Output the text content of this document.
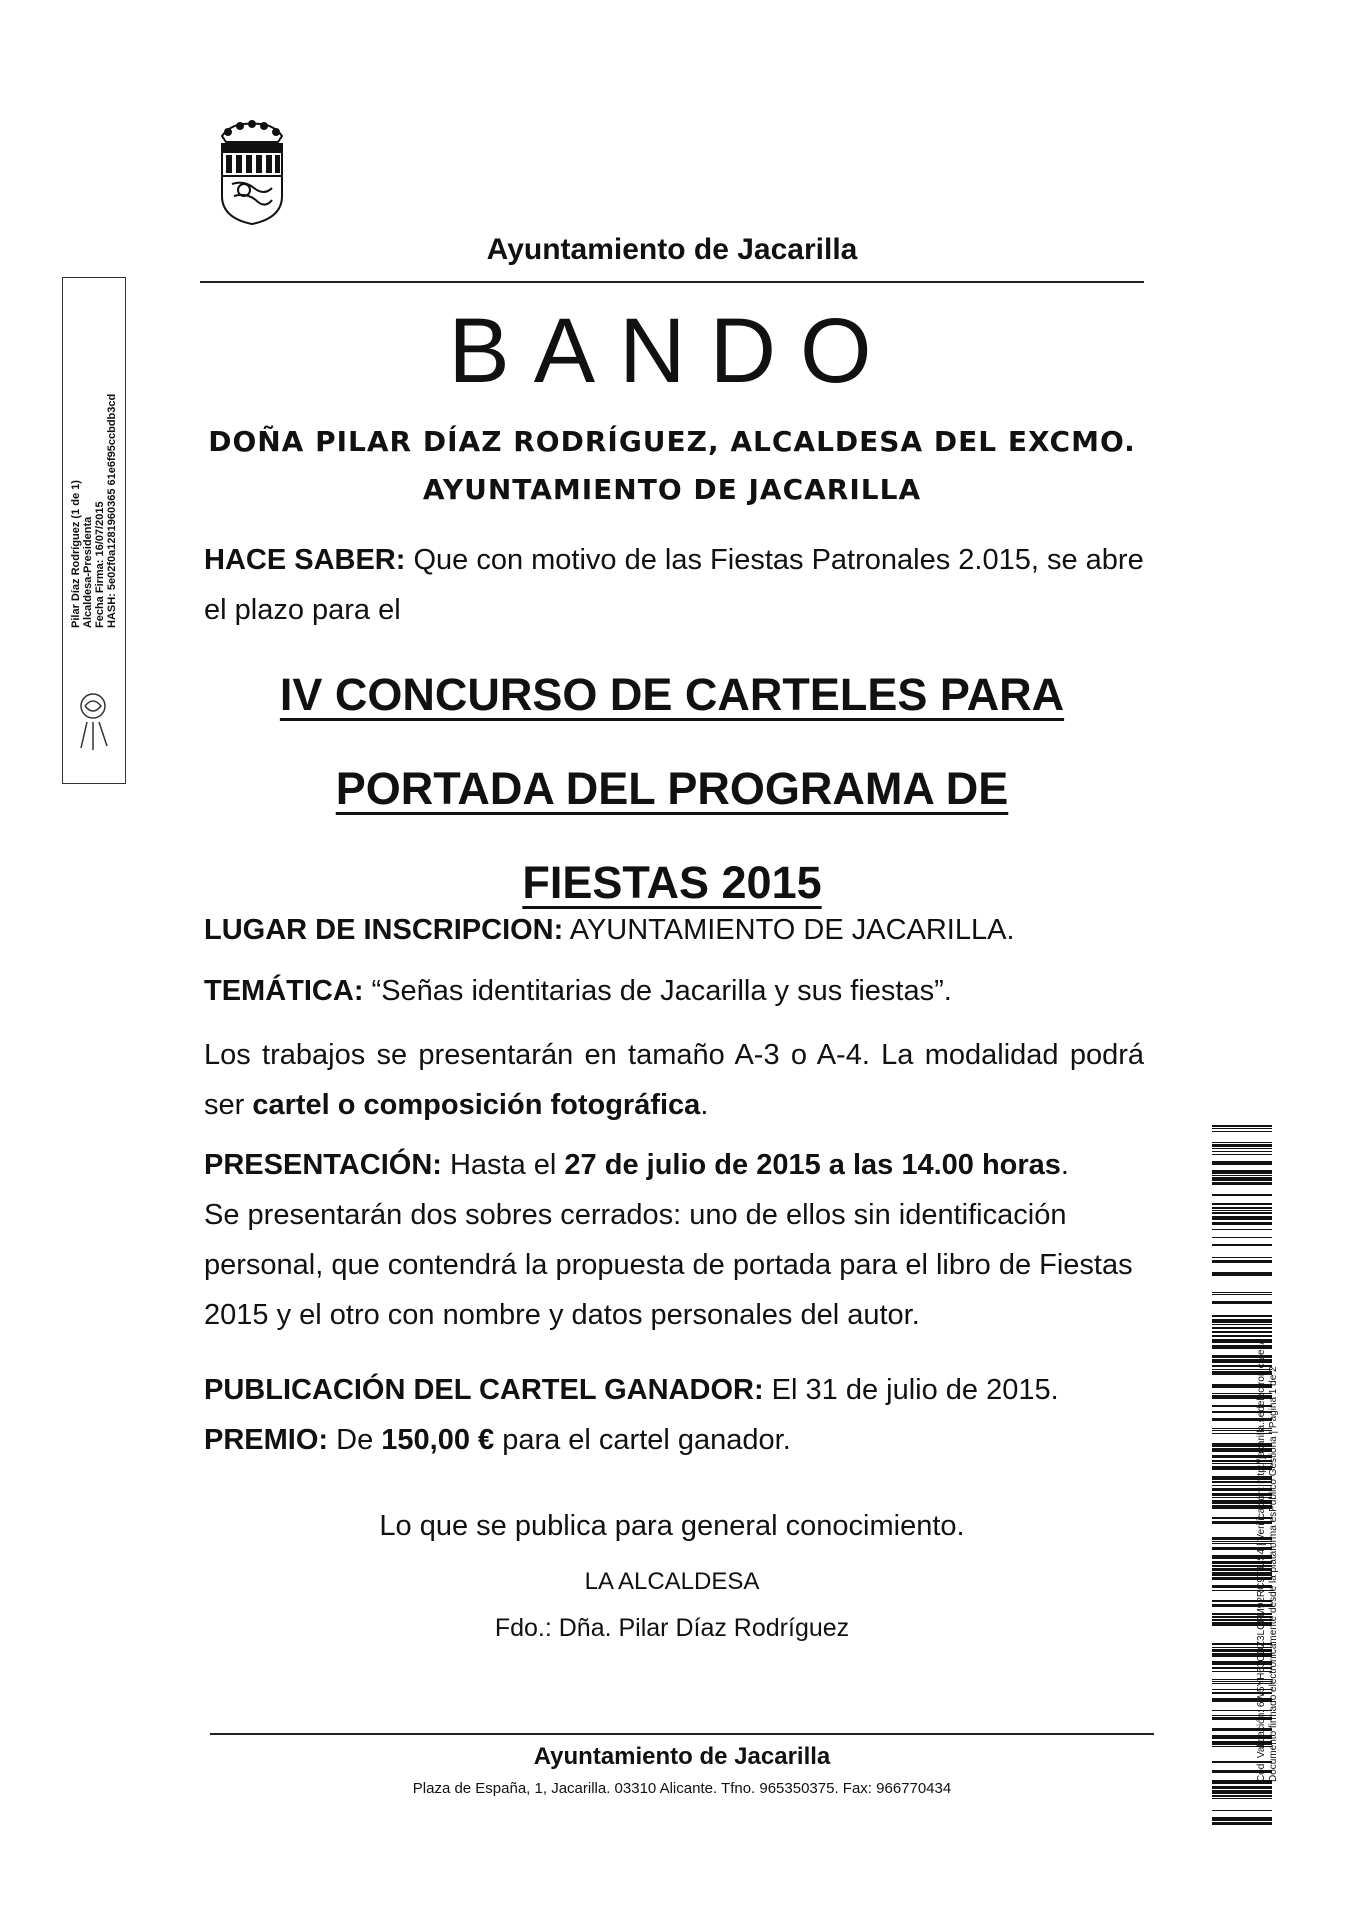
Ayuntamiento de Jacarilla
BANDO
DOÑA PILAR DÍAZ RODRÍGUEZ, ALCALDESA DEL EXCMO.
AYUNTAMIENTO DE JACARILLA
HACE SABER: Que con motivo de las Fiestas Patronales 2.015, se abre el plazo para el
IV CONCURSO DE CARTELES PARA
PORTADA DEL PROGRAMA DE
FIESTAS 2015
LUGAR DE INSCRIPCION: AYUNTAMIENTO DE JACARILLA.
TEMÁTICA: “Señas identitarias de Jacarilla y sus fiestas”.
Los trabajos se presentarán en tamaño A-3 o A-4. La modalidad podrá ser cartel o composición fotográfica.
PRESENTACIÓN: Hasta el 27 de julio de 2015 a las 14.00 horas.
Se presentarán dos sobres cerrados: uno de ellos sin identificación personal, que contendrá la propuesta de portada para el libro de Fiestas 2015 y el otro con nombre y datos personales del autor.
PUBLICACIÓN DEL CARTEL GANADOR: El 31 de julio de 2015.
PREMIO: De 150,00 € para el cartel ganador.
Lo que se publica para general conocimiento.
LA ALCALDESA
Fdo.: Dña. Pilar Díaz Rodríguez
Ayuntamiento de Jacarilla
Plaza de España, 1, Jacarilla. 03310 Alicante. Tfno. 965350375. Fax: 966770434
Pilar Díaz Rodríguez (1 de 1) Alcaldesa-Presidenta Fecha Firma: 16/07/2015 HASH: 5e02f0a1281960365 61e6f95ccbdb3cd
Cód. Validación: 6W5YH63CDZ3LCFM92RC9TJJS4 | Verificación: http://jacarilla.sedelectronica.es/ Documento firmado electrónicamente desde la plataforma esPublico Gestiona | Página 1 de 2
